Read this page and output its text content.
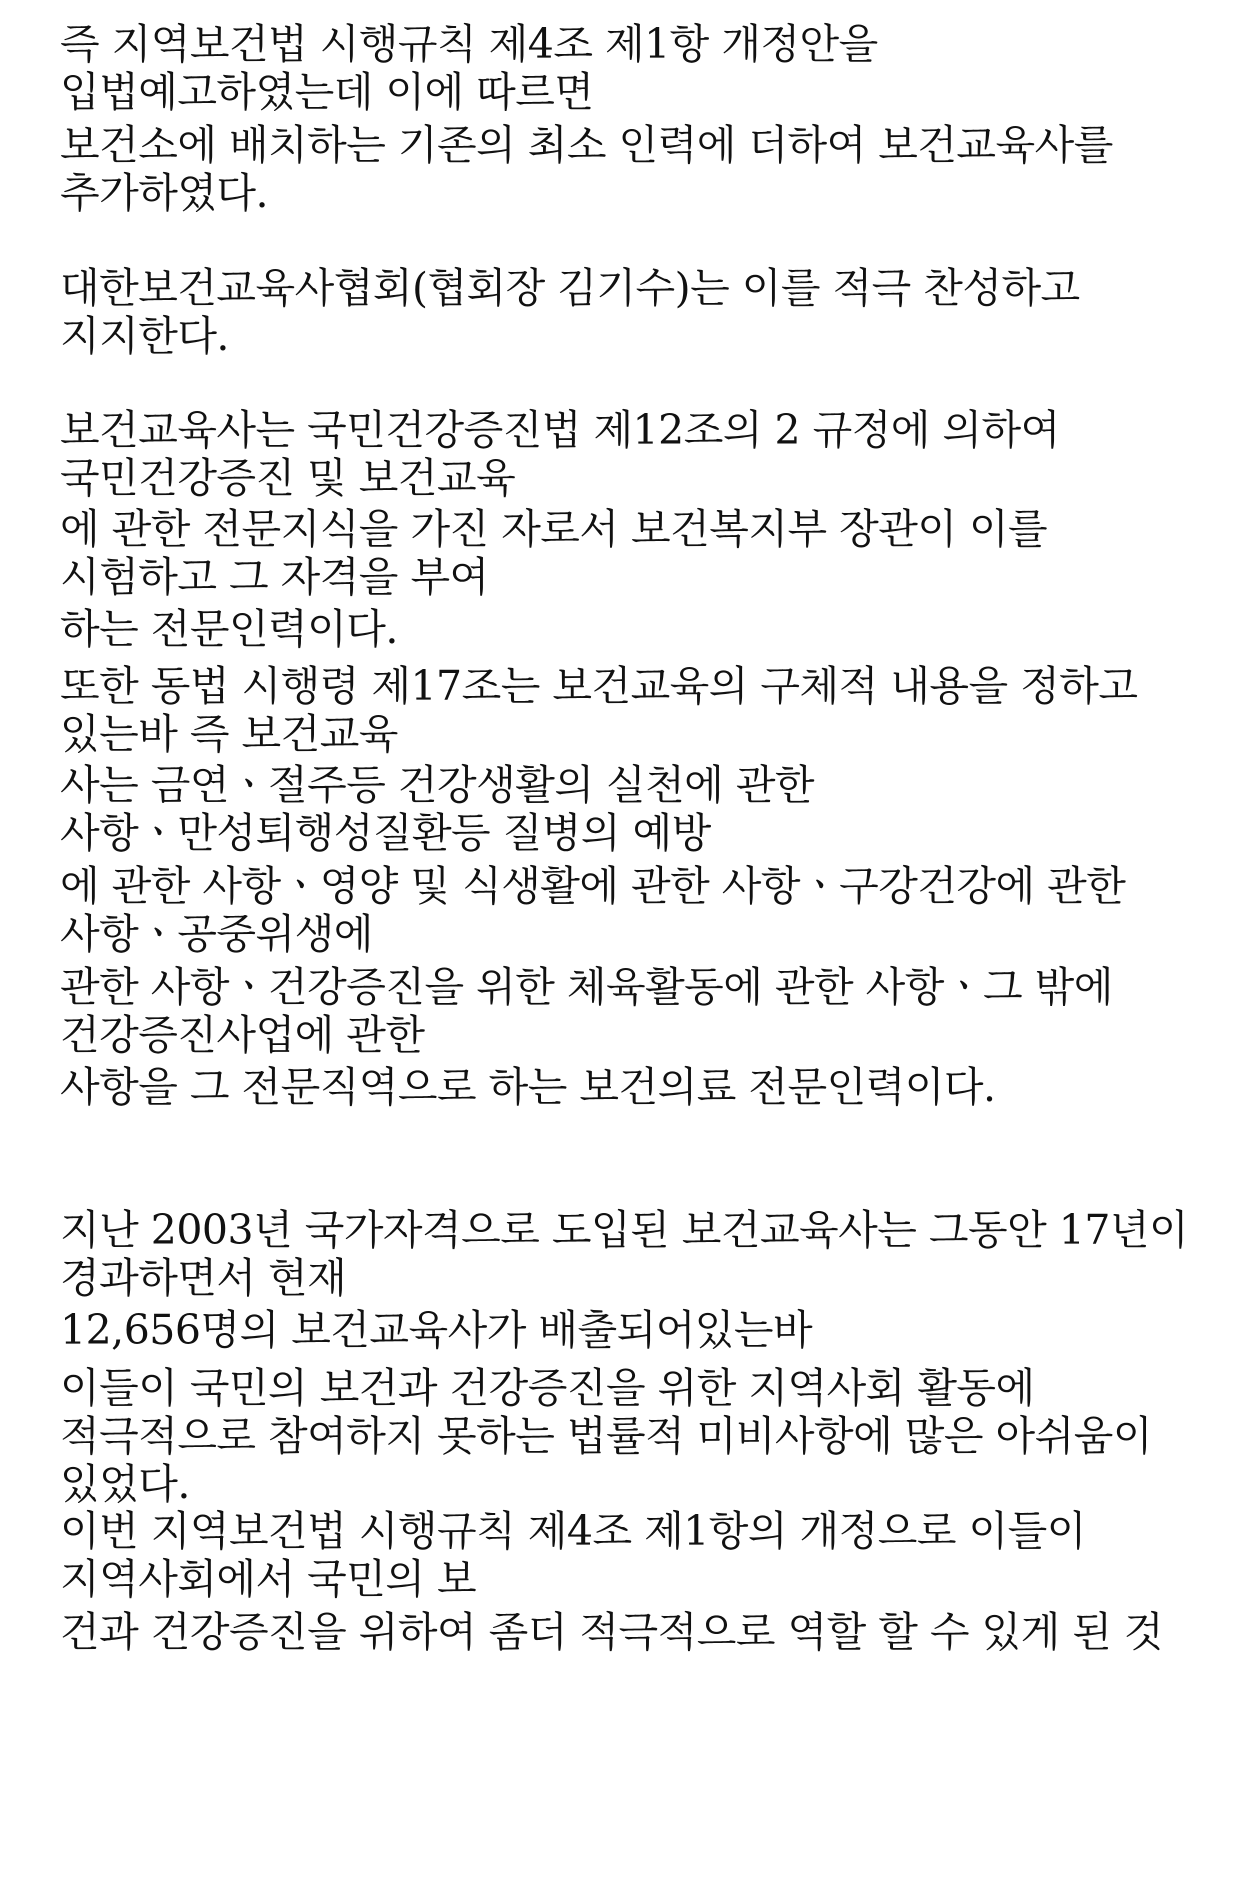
즉 지역보건법 시행규칙 제4조 제1항 개정안을 입법예고하였는데 이에 따르면

보건소에 배치하는 기존의 최소 인력에 더하여 보건교육사를 추가하였다.

대한보건교육사협회(협회장 김기수)는 이를 적극 찬성하고 지지한다.

보건교육사는 국민건강증진법 제12조의 2 규정에 의하여 국민건강증진 및 보건교육

에 관한 전문지식을 가진 자로서 보건복지부 장관이 이를 시험하고 그 자격을 부여

하는 전문인력이다.

또한 동법 시행령 제17조는 보건교육의 구체적 내용을 정하고 있는바 즉 보건교육

사는 금연ㆍ절주등 건강생활의 실천에 관한 사항ㆍ만성퇴행성질환등 질병의 예방

에 관한 사항ㆍ영양 및 식생활에 관한 사항ㆍ구강건강에 관한 사항ㆍ공중위생에

관한 사항ㆍ건강증진을 위한 체육활동에 관한 사항ㆍ그 밖에 건강증진사업에 관한

사항을 그 전문직역으로 하는 보건의료 전문인력이다.

지난 2003년 국가자격으로 도입된 보건교육사는 그동안 17년이 경과하면서 현재

12,656명의 보건교육사가 배출되어있는바

이들이 국민의 보건과 건강증진을 위한 지역사회 활동에 적극적으로 참여하지 못하는 법률적 미비사항에 많은 아쉬움이 있었다.

이번 지역보건법 시행규칙 제4조 제1항의 개정으로 이들이 지역사회에서 국민의 보

건과 건강증진을 위하여 좀더 적극적으로 역할 할 수 있게 된 것
